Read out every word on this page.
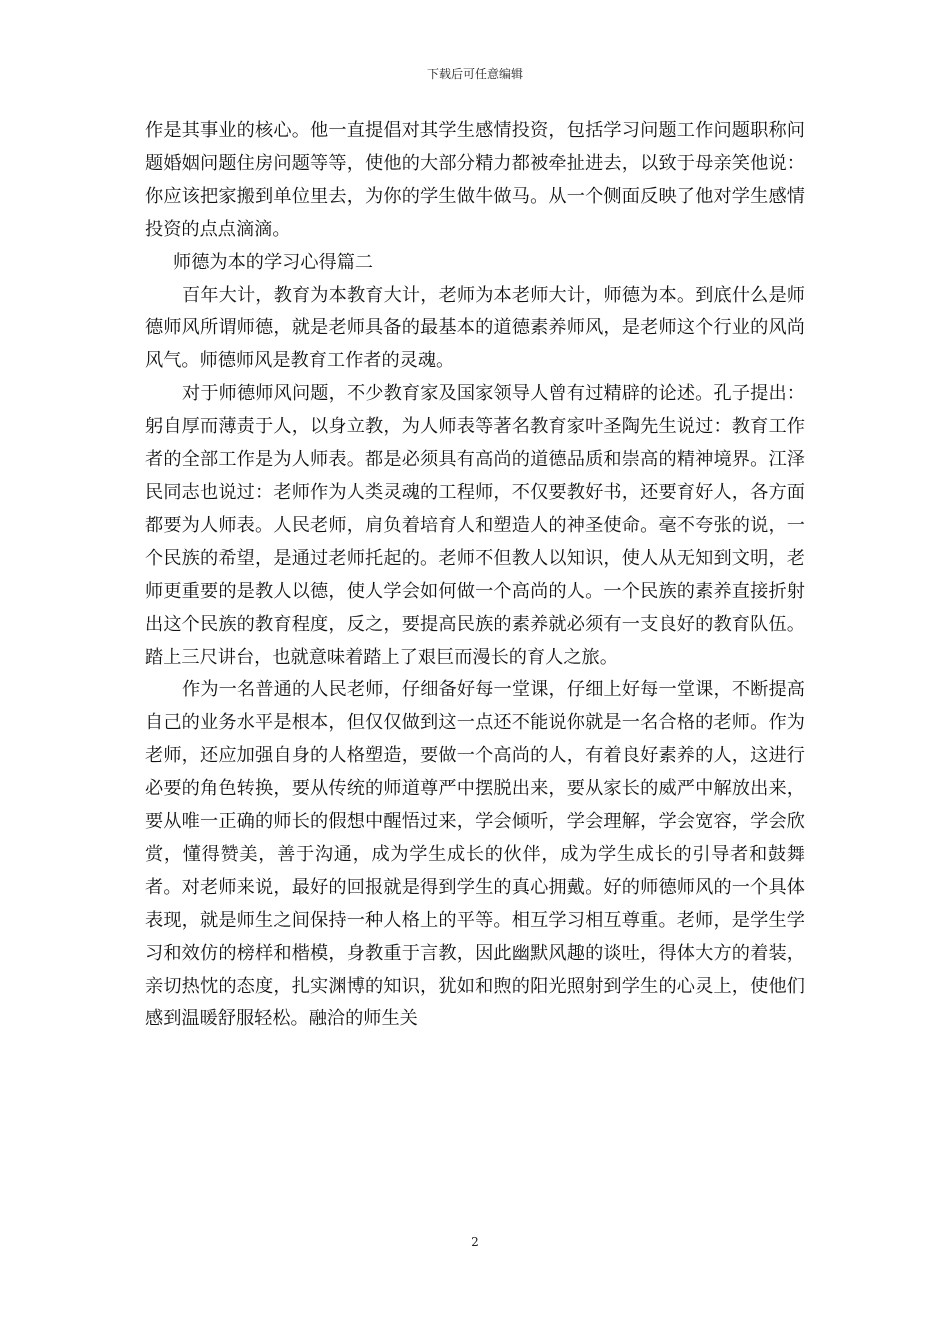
下载后可任意编辑

作是其事业的核心。他一直提倡对其学生感情投资，包括学习问题工作问题职称问题婚姻问题住房问题等等，使他的大部分精力都被牵扯进去，以致于母亲笑他说：你应该把家搬到单位里去，为你的学生做牛做马。从一个侧面反映了他对学生感情投资的点点滴滴。

师德为本的学习心得篇二

百年大计，教育为本教育大计，老师为本老师大计，师德为本。到底什么是师德师风所谓师德，就是老师具备的最基本的道德素养师风，是老师这个行业的风尚风气。师德师风是教育工作者的灵魂。

对于师德师风问题，不少教育家及国家领导人曾有过精辟的论述。孔子提出：躬自厚而薄责于人，以身立教，为人师表等著名教育家叶圣陶先生说过：教育工作者的全部工作是为人师表。都是必须具有高尚的道德品质和崇高的精神境界。江泽民同志也说过：老师作为人类灵魂的工程师，不仅要教好书，还要育好人，各方面都要为人师表。人民老师，肩负着培育人和塑造人的神圣使命。毫不夸张的说，一个民族的希望，是通过老师托起的。老师不但教人以知识，使人从无知到文明，老师更重要的是教人以德，使人学会如何做一个高尚的人。一个民族的素养直接折射出这个民族的教育程度，反之，要提高民族的素养就必须有一支良好的教育队伍。踏上三尺讲台，也就意味着踏上了艰巨而漫长的育人之旅。

作为一名普通的人民老师，仔细备好每一堂课，仔细上好每一堂课，不断提高自己的业务水平是根本，但仅仅做到这一点还不能说你就是一名合格的老师。作为老师，还应加强自身的人格塑造，要做一个高尚的人，有着良好素养的人，这进行必要的角色转换，要从传统的师道尊严中摆脱出来，要从家长的威严中解放出来，要从唯一正确的师长的假想中醒悟过来，学会倾听，学会理解，学会宽容，学会欣赏，懂得赞美，善于沟通，成为学生成长的伙伴，成为学生成长的引导者和鼓舞者。对老师来说，最好的回报就是得到学生的真心拥戴。好的师德师风的一个具体表现，就是师生之间保持一种人格上的平等。相互学习相互尊重。老师，是学生学习和效仿的榜样和楷模，身教重于言教，因此幽默风趣的谈吐，得体大方的着装，亲切热忱的态度，扎实渊博的知识，犹如和煦的阳光照射到学生的心灵上，使他们感到温暖舒服轻松。融洽的师生关

2
